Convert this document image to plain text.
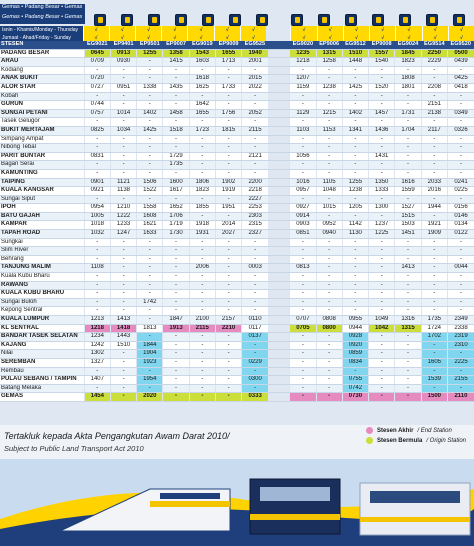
Gemas • Padang Besar • Gemas
Gemas • Padang Besar • Gemas
Isnin - Khamis/Monday - Thursday	√	√	√	√	√	√	√	√	√	√	√	√	√	√
Jumaat - Ahad/Friday - Sunday	√	√	√	√	√	√	√	√	√	√	√	√	√	√
STESEN	EG9021	EP9401	EP9501	EP9007	EG9019	EP9009	EG9525		EG9020	EP9006	EG9512	EP9008	EG9024	EG9514	EG9520
PADANG BESAR	0645	0913	1255	1358	1543	1655	1940		1235	1315	1510	1557	1845	2250	0500
ARAU	0709	0930	-	1415	1603	1713	2001		1218	1258	1448	1540	1823	2229	0439
Kodiang	-	-	-	-	-	-	-		-	-	-	-	-	-	-
ANAK BUKIT	0720	-	-	-	1618	-	2015		1207	-	-	-	1808	-	0425
ALOR STAR	0727	0951	1338	1435	1625	1733	2022		1159	1238	1425	1520	1801	2208	0418
Kobah	-	-	-	-	-	-	-		-	-	-	-	-	-	-
GURUN	0744	-	-	-	1642	-	-		-	-	-	-	-	2151	-
SUNGAI PETANI	0757	1014	1402	1458	1655	1756	2052		1129	1215	1402	1457	1731	2138	0349
Tasek Gelugor	-	-	-	-	-	-	-		-	-	-	-	-	-	-
BUKIT MERTAJAM	0825	1034	1425	1518	1723	1815	2115		1103	1153	1341	1436	1704	2117	0326
Simpang Ampat	-	-	-	-	-	-	-		-	-	-	-	-	-	-
Nibong Tebal	-	-	-	-	-	-	-		-	-	-	-	-	-	-
PARIT BUNTAR	0831	-	-	1729	-	-	2121		1056	-	-	1431	-	-	-
Bagan Serai	-	-	-	1735	-	-	-		-	-	-	-	-	-	-
KAMUNTING	-	-	-	-	-	-	-		-	-	-	-	-	-	-
TAIPING	0901	1121	1506	1600	1806	1902	2200		1016	1105	1255	1350	1616	2033	0241
KUALA KANGSAR	0921	1138	1522	1617	1823	1919	2218		0957	1048	1238	1333	1559	2016	0225
Sungai Siput	-	-	-	-	-	-	2227		-	-	-	-	-	-	-
IPOH	0954	1210	1558	1652	1855	1951	2253		0927	1015	1205	1300	1527	1944	0156
BATU GAJAH	1005	1222	1608	1706	-	-	2303		0914	-	-	-	1515	-	0146
KAMPAR	1018	1233	1621	1719	1918	2014	2315		0903	0952	1142	1237	1503	1921	0134
TAPAH ROAD	1032	1247	1633	1730	1931	2027	2327		0851	0940	1130	1225	1451	1909	0122
Sungkai	-	-	-	-	-	-	-		-	-	-	-	-	-	-
Slim River	-	-	-	-	-	-	-		-	-	-	-	-	-	-
Behrang	-	-	-	-	-	-	-		-	-	-	-	-	-	-
TANJUNG MALIM	1108	-	-	-	2006	-	0003		0813	-	-	-	1413	-	0044
Kuala Kubu Bharu	-	-	-	-	-	-	-		-	-	-	-	-	-	-
RAWANG	-	-	-	-	-	-	-		-	-	-	-	-	-	-
KUALA KUBU BHARU	-	-	-	-	-	-	-		-	-	-	-	-	-	-
Sungai Buloh	-	-	1742	-	-	-	-		-	-	-	-	-	-	-
Kepong Sentral	-	-	-	-	-	-	-		-	-	-	-	-	-	-
KUALA LUMPUR	1213	1413	-	1847	2100	2157	0110		0707	0808	0955	1049	1316	1735	2349
KL SENTRAL	1218	1418	1813	1913	2115	2210	0117		0705	0800	0944	1042	1315	1724	2338
BANDAR TASEK SELATAN	1234	1443	-	-	-	-	0137		-	-	0928	-	-	1702	2319
KAJANG	1242	1510	1844	-	-	-	-		-	-	0920	-	-	-	2310
Nilai	1302	-	1904	-	-	-	-		-	-	0859	-	-	-	-
SEREMBAN	1327	-	1923	-	-	-	0229		-	-	0834	-	-	1605	2225
Rembau	-	-	-	-	-	-	-		-	-	-	-	-	-	-
PULAU SEBANG / TAMPIN	1407	-	1954	-	-	-	0300		-	-	0755	-	-	1539	2155
Batang Melaka	-	-	-	-	-	-	-		-	-	0742	-	-	-	-
GEMAS	1454	-	2020	-	-	-	0333		-	-	0730	-	-	1500	2110
Tertakluk kepada Akta Pengangkutan Awam Darat 2010/
Subject to Public Land Transport Act 2010
Stesen Akhir / End Station
Stesen Bermula / Origin Station
